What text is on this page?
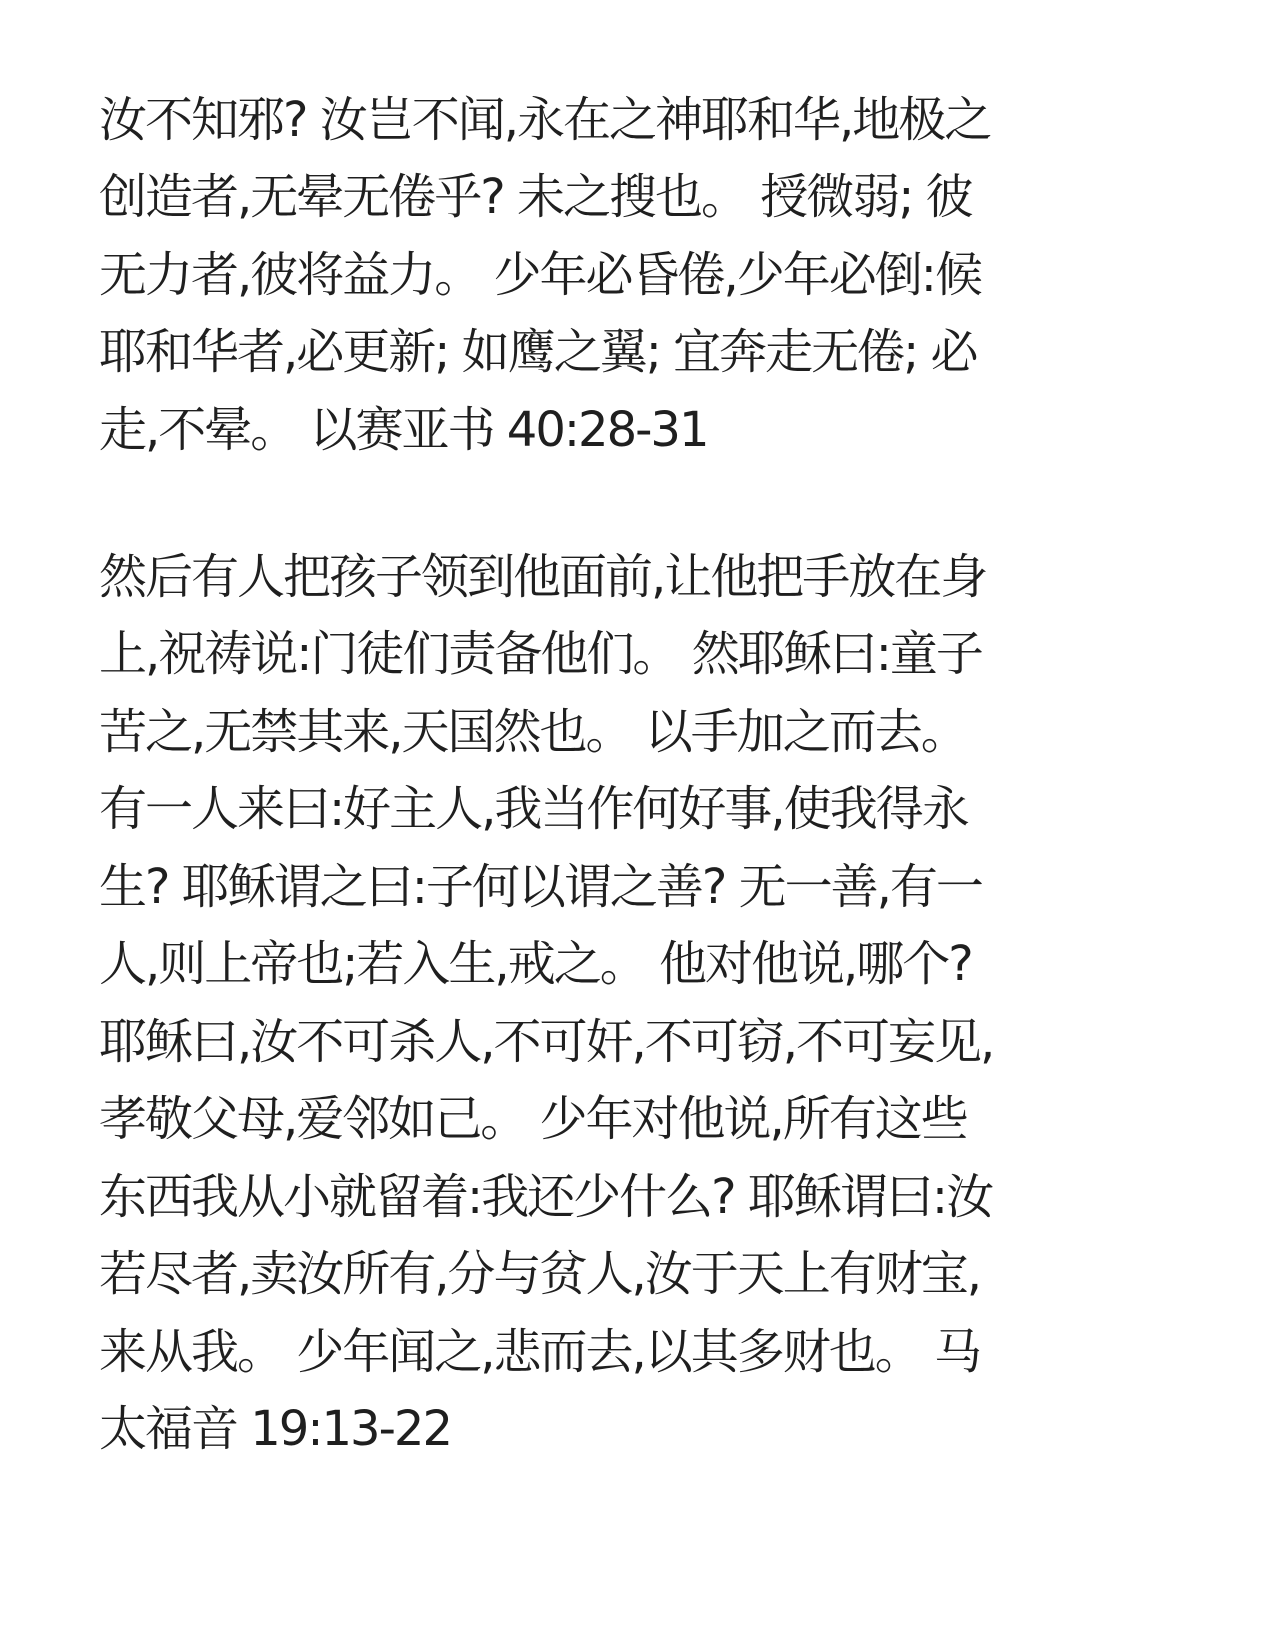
汝不知邪? 汝岂不闻,永在之神耶和华,地极之
创造者,无晕无倦乎? 未之搜也。 授微弱; 彼
无力者,彼将益力。 少年必昏倦,少年必倒:候
耶和华者,必更新; 如鹰之翼; 宜奔走无倦; 必
走,不晕。 以赛亚书 40:28-31
然后有人把孩子领到他面前,让他把手放在身
上,祝祷说:门徒们责备他们。 然耶稣曰:童子
苦之,无禁其来,天国然也。 以手加之而去。
有一人来曰:好主人,我当作何好事,使我得永
生? 耶稣谓之曰:子何以谓之善? 无一善,有一
人,则上帝也;若入生,戒之。 他对他说,哪个?
耶稣曰,汝不可杀人,不可奸,不可窃,不可妄见,
孝敬父母,爱邻如己。 少年对他说,所有这些
东西我从小就留着:我还少什么? 耶稣谓曰:汝
若尽者,卖汝所有,分与贫人,汝于天上有财宝,
来从我。 少年闻之,悲而去,以其多财也。 马
太福音 19:13-22
